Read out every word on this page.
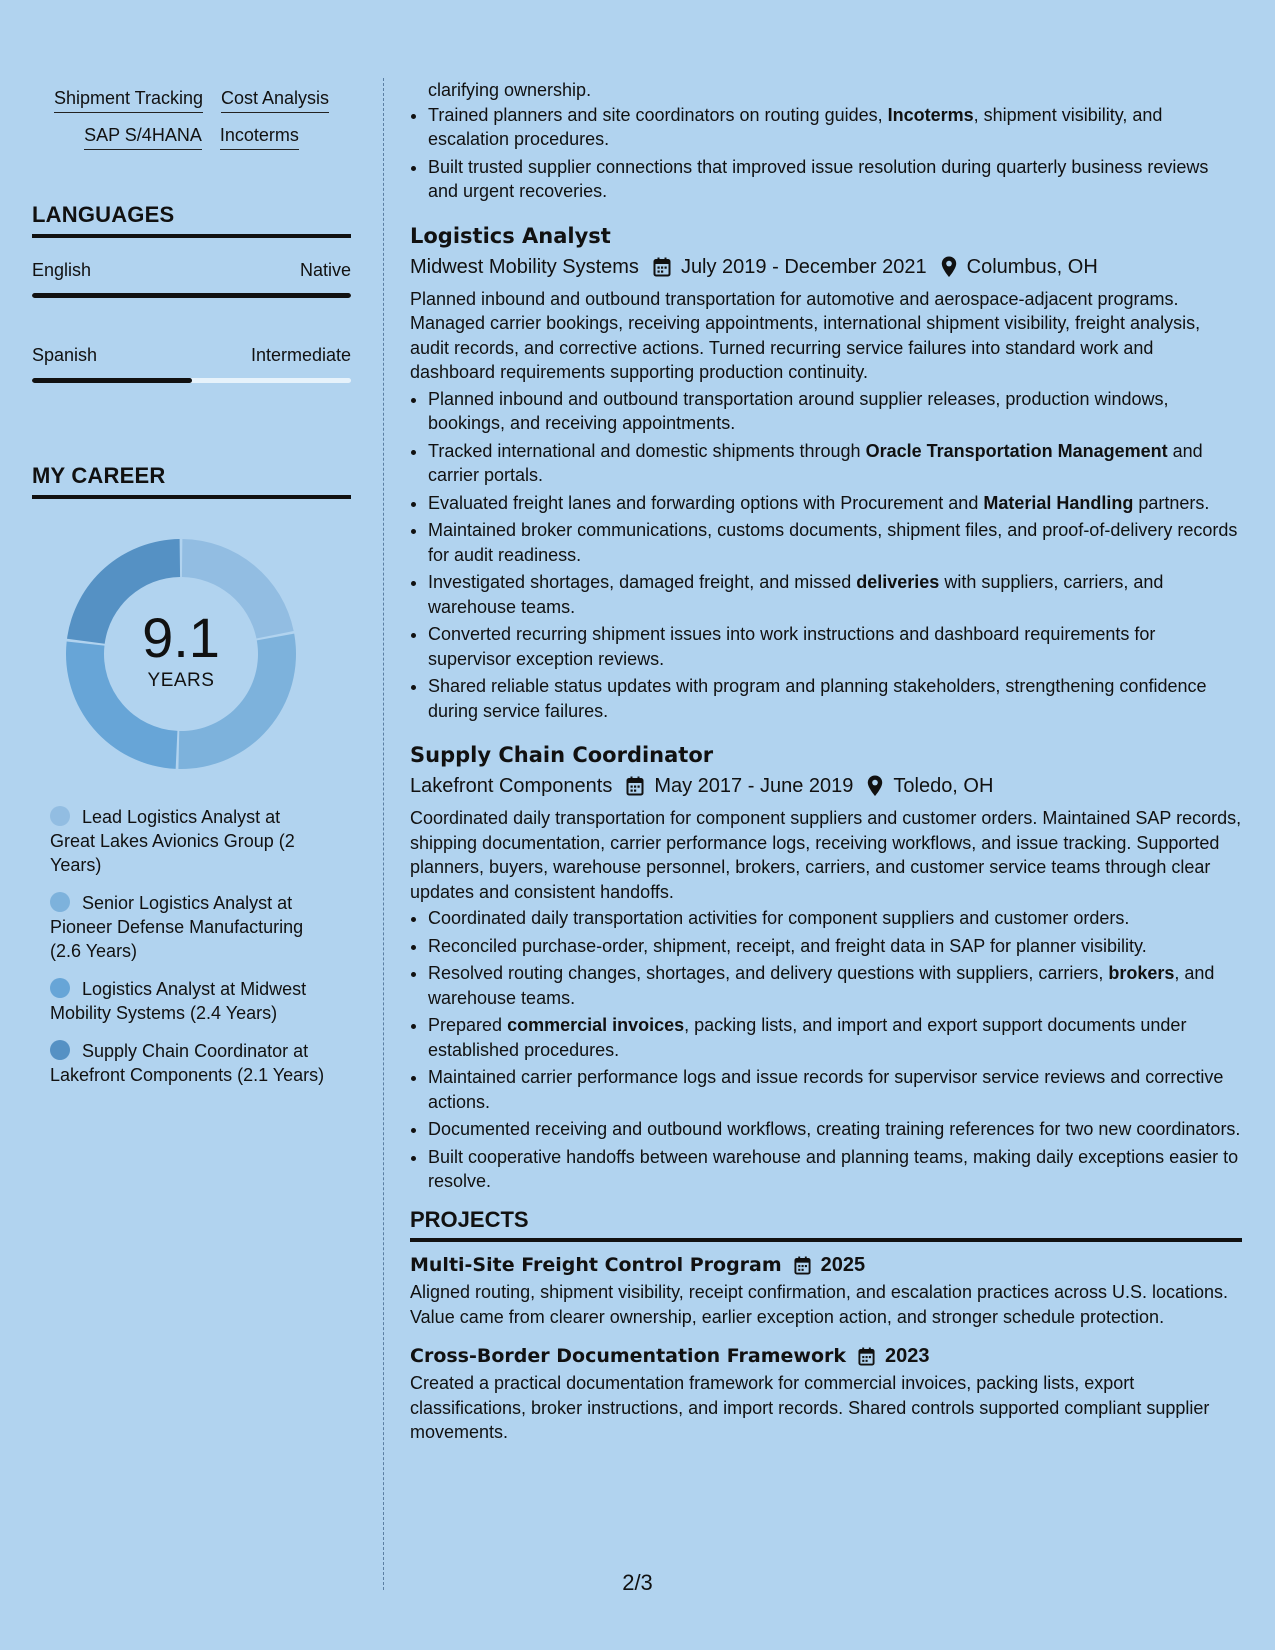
Shipment Tracking Cost Analysis
SAP S/4HANA Incoterms
LANGUAGES
English	Native
Spanish	Intermediate
MY CAREER
9.1
YEARS
Lead Logistics Analyst at Great Lakes Avionics Group (2 Years)
Senior Logistics Analyst at Pioneer Defense Manufacturing (2.6 Years)
Logistics Analyst at Midwest Mobility Systems (2.4 Years)
Supply Chain Coordinator at Lakefront Components (2.1 Years)
clarifying ownership.
• Trained planners and site coordinators on routing guides, Incoterms, shipment visibility, and escalation procedures.
• Built trusted supplier connections that improved issue resolution during quarterly business reviews and urgent recoveries.
Logistics Analyst
Midwest Mobility Systems July 2019 - December 2021 Columbus, OH
Planned inbound and outbound transportation for automotive and aerospace-adjacent programs. Managed carrier bookings, receiving appointments, international shipment visibility, freight analysis, audit records, and corrective actions. Turned recurring service failures into standard work and dashboard requirements supporting production continuity.
• Planned inbound and outbound transportation around supplier releases, production windows, bookings, and receiving appointments.
• Tracked international and domestic shipments through Oracle Transportation Management and carrier portals.
• Evaluated freight lanes and forwarding options with Procurement and Material Handling partners.
• Maintained broker communications, customs documents, shipment files, and proof-of-delivery records for audit readiness.
• Investigated shortages, damaged freight, and missed deliveries with suppliers, carriers, and warehouse teams.
• Converted recurring shipment issues into work instructions and dashboard requirements for supervisor exception reviews.
• Shared reliable status updates with program and planning stakeholders, strengthening confidence during service failures.
Supply Chain Coordinator
Lakefront Components May 2017 - June 2019 Toledo, OH
Coordinated daily transportation for component suppliers and customer orders. Maintained SAP records, shipping documentation, carrier performance logs, receiving workflows, and issue tracking. Supported planners, buyers, warehouse personnel, brokers, carriers, and customer service teams through clear updates and consistent handoffs.
• Coordinated daily transportation activities for component suppliers and customer orders.
• Reconciled purchase-order, shipment, receipt, and freight data in SAP for planner visibility.
• Resolved routing changes, shortages, and delivery questions with suppliers, carriers, brokers, and warehouse teams.
• Prepared commercial invoices, packing lists, and import and export support documents under established procedures.
• Maintained carrier performance logs and issue records for supervisor service reviews and corrective actions.
• Documented receiving and outbound workflows, creating training references for two new coordinators.
• Built cooperative handoffs between warehouse and planning teams, making daily exceptions easier to resolve.
PROJECTS
Multi-Site Freight Control Program 2025
Aligned routing, shipment visibility, receipt confirmation, and escalation practices across U.S. locations. Value came from clearer ownership, earlier exception action, and stronger schedule protection.
Cross-Border Documentation Framework 2023
Created a practical documentation framework for commercial invoices, packing lists, export classifications, broker instructions, and import records. Shared controls supported compliant supplier movements.
2/3
